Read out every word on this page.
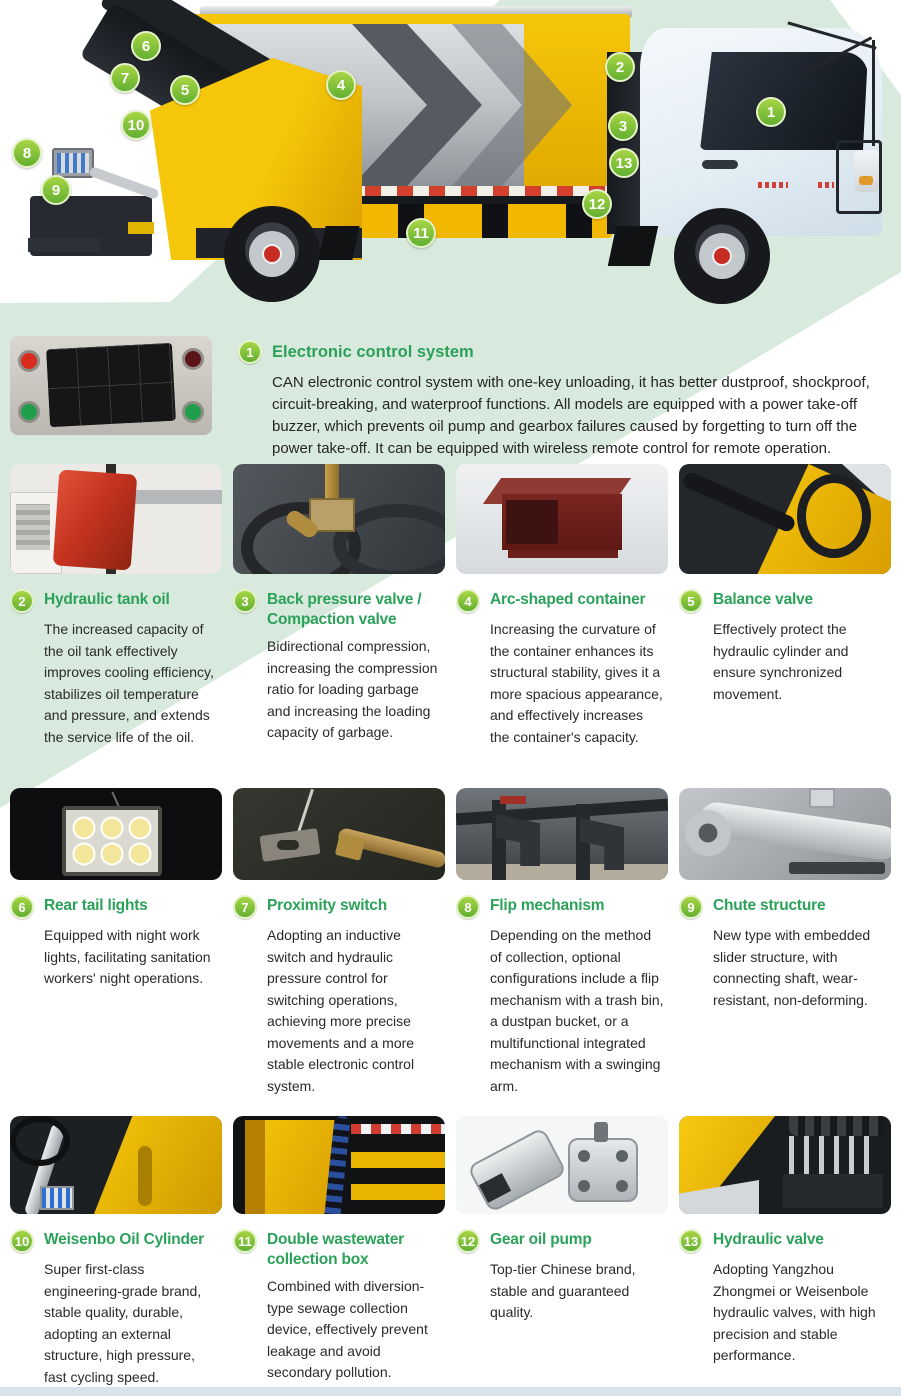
1
2
3
4
5
6
7
8
9
10
11
12
13
1	Electronic control system

CAN electronic control system with one-key unloading, it has better dustproof, shockproof, circuit-breaking, and waterproof functions. All models are equipped with a power take-off buzzer, which prevents oil pump and gearbox failures caused by forgetting to turn off the power take-off. It can be equipped with wireless remote control for remote operation.

2	Hydraulic tank oil

The increased capacity of the oil tank effectively improves cooling efficiency, stabilizes oil temperature and pressure, and extends the service life of the oil.

3	Back pressure valve / Compaction valve

Bidirectional compression, increasing the compression ratio for loading garbage and increasing the loading capacity of garbage.

4	Arc-shaped container

Increasing the curvature of the container enhances its structural stability, gives it a more spacious appearance, and effectively increases the container's capacity.

5	Balance valve

Effectively protect the hydraulic cylinder and ensure synchronized movement.

6	Rear tail lights

Equipped with night work lights, facilitating sanitation workers' night operations.

7	Proximity switch

Adopting an inductive switch and hydraulic pressure control for switching operations, achieving more precise movements and a more stable electronic control system.

8	Flip mechanism

Depending on the method of collection, optional configurations include a flip mechanism with a trash bin, a dustpan bucket, or a multifunctional integrated mechanism with a swinging arm.

9	Chute structure

New type with embedded slider structure, with connecting shaft, wear-resistant, non-deforming.

10 Weisenbo Oil Cylinder

Super first-class engineering-grade brand, stable quality, durable, adopting an external structure, high pressure, fast cycling speed.

11 Double wastewater collection box

Combined with diversion-type sewage collection device, effectively prevent leakage and avoid secondary pollution.

12 Gear oil pump

Top-tier Chinese brand, stable and guaranteed quality.

13 Hydraulic valve

Adopting Yangzhou Zhongmei or Weisenbole hydraulic valves, with high precision and stable performance.
